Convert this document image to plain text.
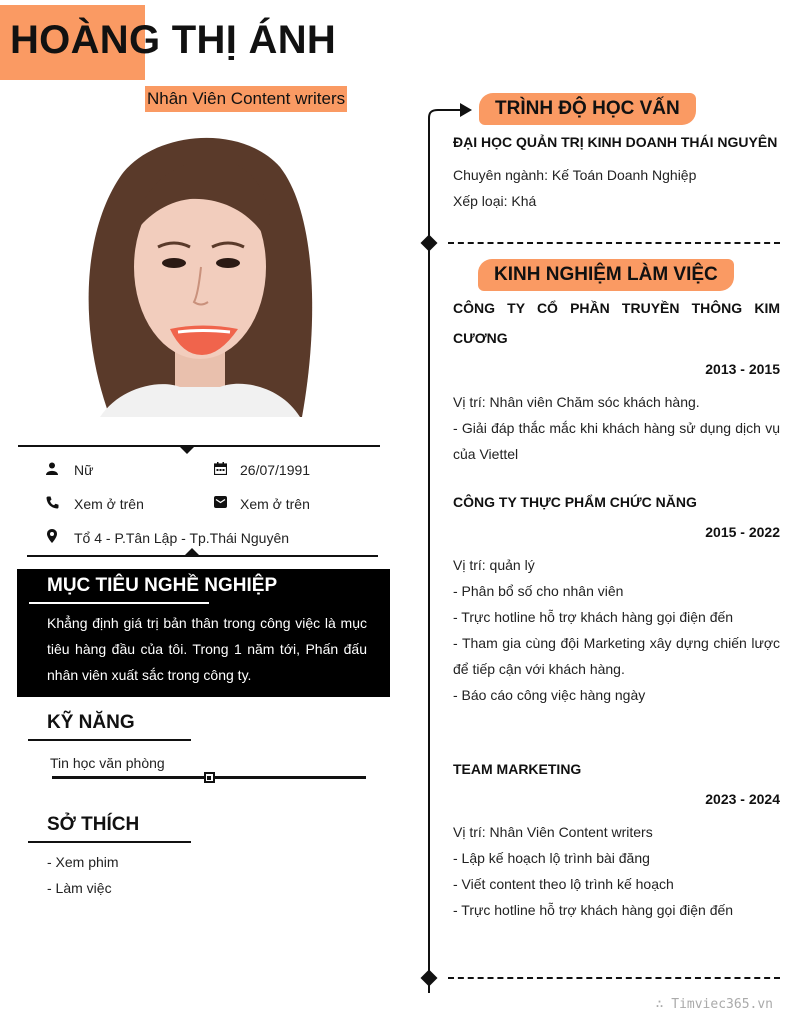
HOÀNG THỊ ÁNH
Nhân Viên Content writers
Nữ	26/07/1991
Xem ở trên	Xem ở trên
Tổ 4 - P.Tân Lập - Tp.Thái Nguyên
MỤC TIÊU NGHỀ NGHIỆP
Khẳng định giá trị bản thân trong công việc là mục tiêu hàng đầu của tôi. Trong 1 năm tới, Phấn đấu nhân viên xuất sắc trong công ty.
KỸ NĂNG
Tin học văn phòng
SỞ THÍCH
- Xem phim
- Làm việc
TRÌNH ĐỘ HỌC VẤN
ĐẠI HỌC QUẢN TRỊ KINH DOANH THÁI NGUYÊN
Chuyên ngành: Kế Toán Doanh Nghiệp
Xếp loại: Khá
KINH NGHIỆM LÀM VIỆC
CÔNG TY CỔ PHẦN TRUYỀN THÔNG KIM
CƯƠNG
2013 - 2015
Vị trí: Nhân viên Chăm sóc khách hàng.
- Giải đáp thắc mắc khi khách hàng sử dụng dịch vụ
của Viettel
CÔNG TY THỰC PHẨM CHỨC NĂNG
2015 - 2022
Vị trí: quản lý
- Phân bổ số cho nhân viên
- Trực hotline hỗ trợ khách hàng gọi điện đến
- Tham gia cùng đội Marketing xây dựng chiến lược
để tiếp cận với khách hàng.
- Báo cáo công việc hàng ngày
TEAM MARKETING
2023 - 2024
Vị trí: Nhân Viên Content writers
- Lập kế hoạch lộ trình bài đăng
- Viết content theo lộ trình kế hoạch
- Trực hotline hỗ trợ khách hàng gọi điện đến
∴ Timviec365.vn
